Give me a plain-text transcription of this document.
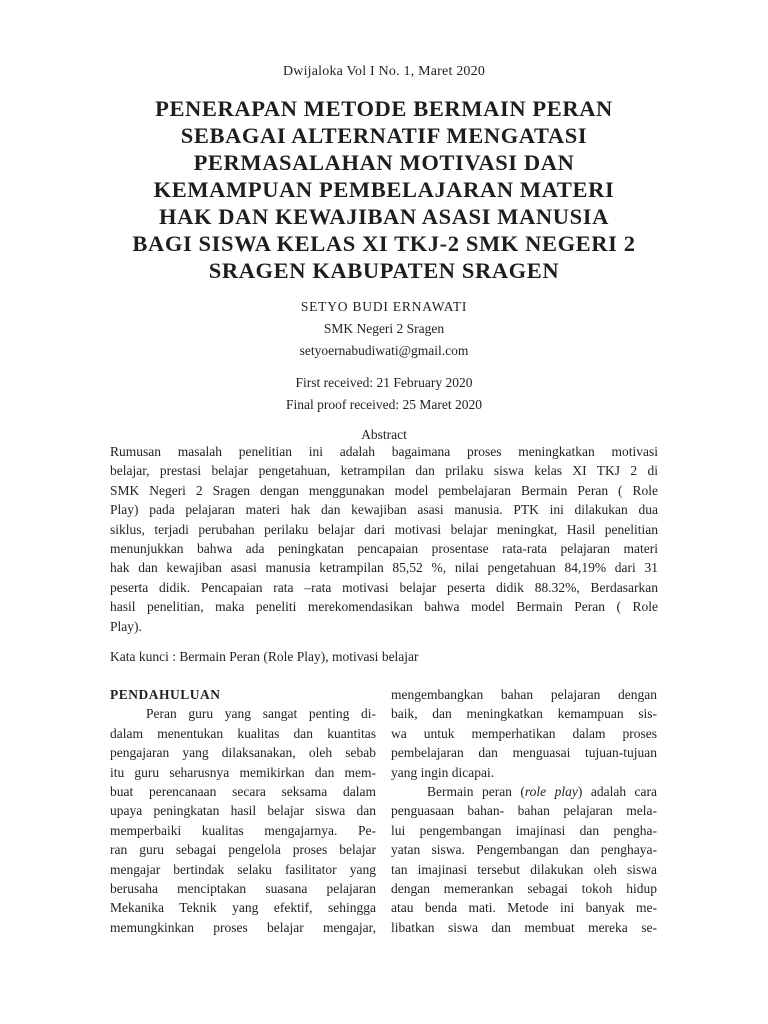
Dwijaloka Vol I No. 1, Maret 2020
PENERAPAN METODE BERMAIN PERAN
SEBAGAI ALTERNATIF MENGATASI
PERMASALAHAN MOTIVASI DAN
KEMAMPUAN PEMBELAJARAN MATERI
HAK DAN KEWAJIBAN ASASI MANUSIA
BAGI SISWA KELAS XI TKJ-2 SMK NEGERI 2
SRAGEN KABUPATEN SRAGEN
SETYO BUDI ERNAWATI
SMK Negeri 2 Sragen
setyoernabudiwati@gmail.com
First received: 21 February 2020
Final proof received: 25 Maret 2020
Abstract
Rumusan masalah penelitian ini adalah bagaimana proses meningkatkan motivasi
belajar, prestasi belajar pengetahuan, ketrampilan dan prilaku siswa kelas XI TKJ 2 di
SMK Negeri 2 Sragen dengan menggunakan model pembelajaran Bermain Peran ( Role
Play) pada pelajaran materi hak dan kewajiban asasi manusia. PTK ini dilakukan dua
siklus, terjadi perubahan perilaku belajar dari motivasi belajar meningkat, Hasil penelitian
menunjukkan bahwa ada peningkatan pencapaian prosentase rata-rata pelajaran materi
hak dan kewajiban asasi manusia ketrampilan 85,52 %, nilai pengetahuan 84,19% dari 31
peserta didik. Pencapaian rata –rata motivasi belajar peserta didik 88.32%, Berdasarkan
hasil penelitian, maka peneliti merekomendasikan bahwa model Bermain Peran ( Role
Play).
Kata kunci : Bermain Peran (Role Play), motivasi belajar
PENDAHULUAN
Peran guru yang sangat penting di-
dalam menentukan kualitas dan kuantitas
pengajaran yang dilaksanakan, oleh sebab
itu guru seharusnya memikirkan dan mem-
buat perencanaan secara seksama dalam
upaya peningkatan hasil belajar siswa dan
memperbaiki kualitas mengajarnya. Pe-
ran guru sebagai pengelola proses belajar
mengajar bertindak selaku fasilitator yang
berusaha menciptakan suasana pelajaran
Mekanika Teknik yang efektif, sehingga
memungkinkan proses belajar mengajar,
mengembangkan bahan pelajaran dengan
baik, dan meningkatkan kemampuan sis-
wa untuk memperhatikan dalam proses
pembelajaran dan menguasai tujuan-tujuan
yang ingin dicapai.
Bermain peran (role play) adalah cara
penguasaan bahan- bahan pelajaran mela-
lui pengembangan imajinasi dan pengha-
yatan siswa. Pengembangan dan penghaya-
tan imajinasi tersebut dilakukan oleh siswa
dengan memerankan sebagai tokoh hidup
atau benda mati. Metode ini banyak me-
libatkan siswa dan membuat mereka se-
